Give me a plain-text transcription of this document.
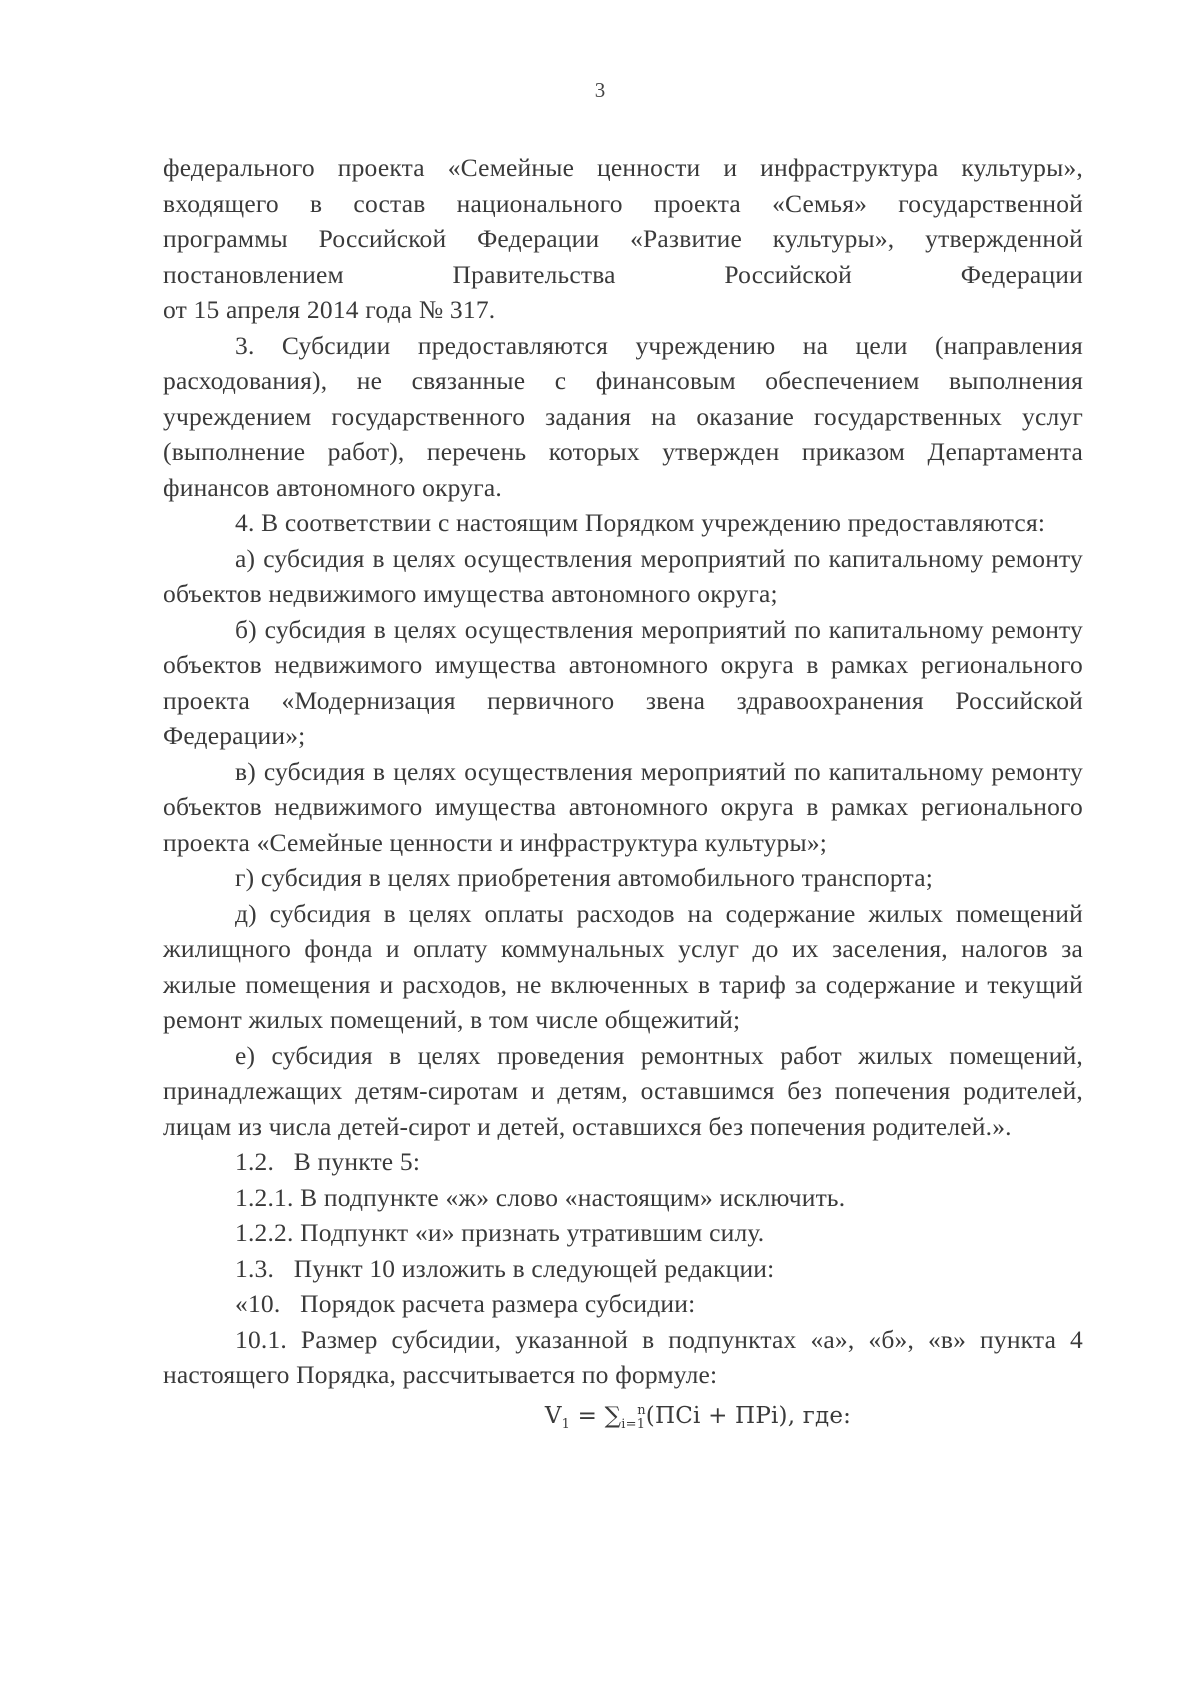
3

федерального проекта «Семейные ценности и инфраструктура культуры»,

входящего в состав национального проекта «Семья» государственной

программы Российской Федерации «Развитие культуры», утвержденной

постановлением Правительства Российской Федерации

от 15 апреля 2014 года № 317.

3. Субсидии предоставляются учреждению на цели (направления расходования), не связанные с финансовым обеспечением выполнения учреждением государственного задания на оказание государственных услуг (выполнение работ), перечень которых утвержден приказом Департамента финансов автономного округа.

4. В соответствии с настоящим Порядком учреждению предоставляются:

а) субсидия в целях осуществления мероприятий по капитальному ремонту объектов недвижимого имущества автономного округа;

б) субсидия в целях осуществления мероприятий по капитальному ремонту объектов недвижимого имущества автономного округа в рамках регионального проекта «Модернизация первичного звена здравоохранения Российской Федерации»;

в) субсидия в целях осуществления мероприятий по капитальному ремонту объектов недвижимого имущества автономного округа в рамках регионального проекта «Семейные ценности и инфраструктура культуры»;

г) субсидия в целях приобретения автомобильного транспорта;

д) субсидия в целях оплаты расходов на содержание жилых помещений жилищного фонда и оплату коммунальных услуг до их заселения, налогов за жилые помещения и расходов, не включенных в тариф за содержание и текущий ремонт жилых помещений, в том числе общежитий;

е) субсидия в целях проведения ремонтных работ жилых помещений, принадлежащих детям-сиротам и детям, оставшимся без попечения родителей, лицам из числа детей-сирот и детей, оставшихся без попечения родителей.».

1.2.   В пункте 5:

1.2.1. В подпункте «ж» слово «настоящим» исключить.

1.2.2. Подпункт «и» признать утратившим силу.

1.3.   Пункт 10 изложить в следующей редакции:

«10.   Порядок расчета размера субсидии:

10.1. Размер субсидии, указанной в подпунктах «а», «б», «в» пункта 4 настоящего Порядка, рассчитывается по формуле:

$V_1 = \sum_{i=1}^n(ПСi + ПРi)$, где:
